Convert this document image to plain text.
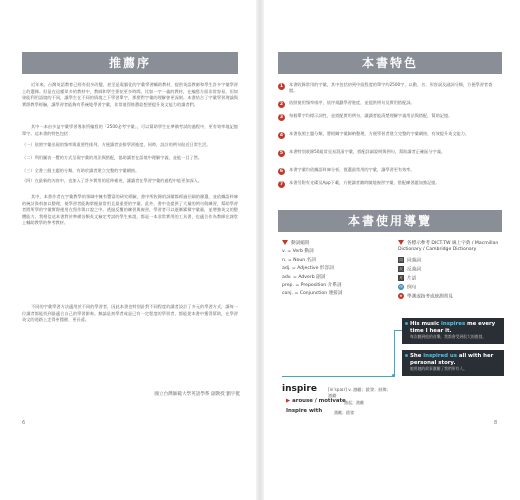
推薦序

近年來，台灣英語教育已經有很多改變，甚至是電腦化的字彙學習輔助教材，提供英語教師和學生許多字彙學習上的選擇。但是在這樣眾多的教材中，教師和學生要花更多時間。比如一字一義的教材，在編寫方面非常容易，但如果能利用語境的不同，讓學生在不同的情境之下學習單字，那麼對字彙的理解會更深刻。本書結合了字彙學習理論與實際教學經驗，讓學習者能夠有系統地學習字彙，非常值得推薦給想要提升英文能力的讀者們。

其中一本由多益字彙學習專家所編寫的「2500必考字彙」，可以幫助學生在準備考試的過程中，更有效率地記憶單字。這本書的特色包括：

（一）依照字彙出現的頻率與重要性排列，方便讀者安排學習進度，同時，設計的例句貼近日常生活。
（二）利用圖表一覽的方式呈現字彙的用法與搭配，協助讀者在語境中理解字義，並能一目了然。
（三）全書三個主題的分類，有助於讀者建立完整的字彙網絡。
（四）在最新的內容中，也加入了許多實用的延伸補充，讓讀者在學習字彙的過程中能更加深入。

其中，本書作者在字彙教學的領域中擁有豐富的研究經驗，書中所收錄的詞彙都經過仔細的篩選，並依據語料庫的統計資料加以整理，使學習者能夠掌握最常用且最重要的字彙。此外，書中也提供了大量的例句與練習，幫助學習者將所學的字彙實際運用在寫作與口說之中。透過反覆的練習與複習，學習者可以逐漸累積字彙量，並增強英文的整體能力。我相信這本書對於準備各類英文檢定考試的學生來說，都是一本非常實用的工具書，也適合作為教師在課堂上輔助教學的參考教材。

不同的字彙學習方法適用於不同的學習者，因此本書也特別針對不同程度的讀者設計了多元的學習方式，讓每一位讀者都能找到最適合自己的學習節奏。無論是初學者或是已有一定程度的學習者，都能從本書中獲得幫助，在學習英文的道路上走得更穩健、更長遠。

國立台灣師範大學英語學系 副教授 劉宇挺
6
本書特色
1	本書收錄常用的字彙，其中包括初到中級程度的單字約2500字，以動、名、形容詞及副詞分類，方便學習者查閱。
2	依照使用頻率排序，依序規劃學習進度，並提供例句及實用搭配詞。
3	每個單字均標示詞性，並搭配實用例句，讓讀者能清楚理解字義用法與搭配，幫助記憶。
4	本書依照主題分類，將相關字彙歸納整理，方便學習者建立完整的字彙網絡，有效提升英文能力。
5	本書特別收錄50組常見易混淆字彙，搭配詳細說明與例句，幫助讀者正確區分字義。
6	本書字彙均依據語料庫分析，挑選最常用的字彙，讓學習更有效率。
7	本書另附有光碟及App下載，方便讀者隨時隨地複習字彙，搭配練習題加強記憶。
本書使用導覽
動詞縮寫
v. = Verb 動詞
n. = Noun 名詞
adj. = Adjective 形容詞
adv. = Adverb 副詞
prep. = Preposition 介系詞
conj. = Conjunction 連接詞
各標示參考 DICT.TW 線上字典 / Macmillan Dictionary / Cambridge Dictionary
同 同義詞
反 反義詞
片 片語
例 例句
★ 學測或指考或統測常見
inspire	[in'spaɪr] v. 激勵；啟發；鼓舞；激勵
▶ arouse / motivate
激起；激勵
Inspire with	激勵；啟發
His music inspires me every time I hear it.
每次聽到他的音樂，我都會受到很大的啟發。
She inspired us all with her personal story.
她用她的故事激勵了我們所有人。
8
